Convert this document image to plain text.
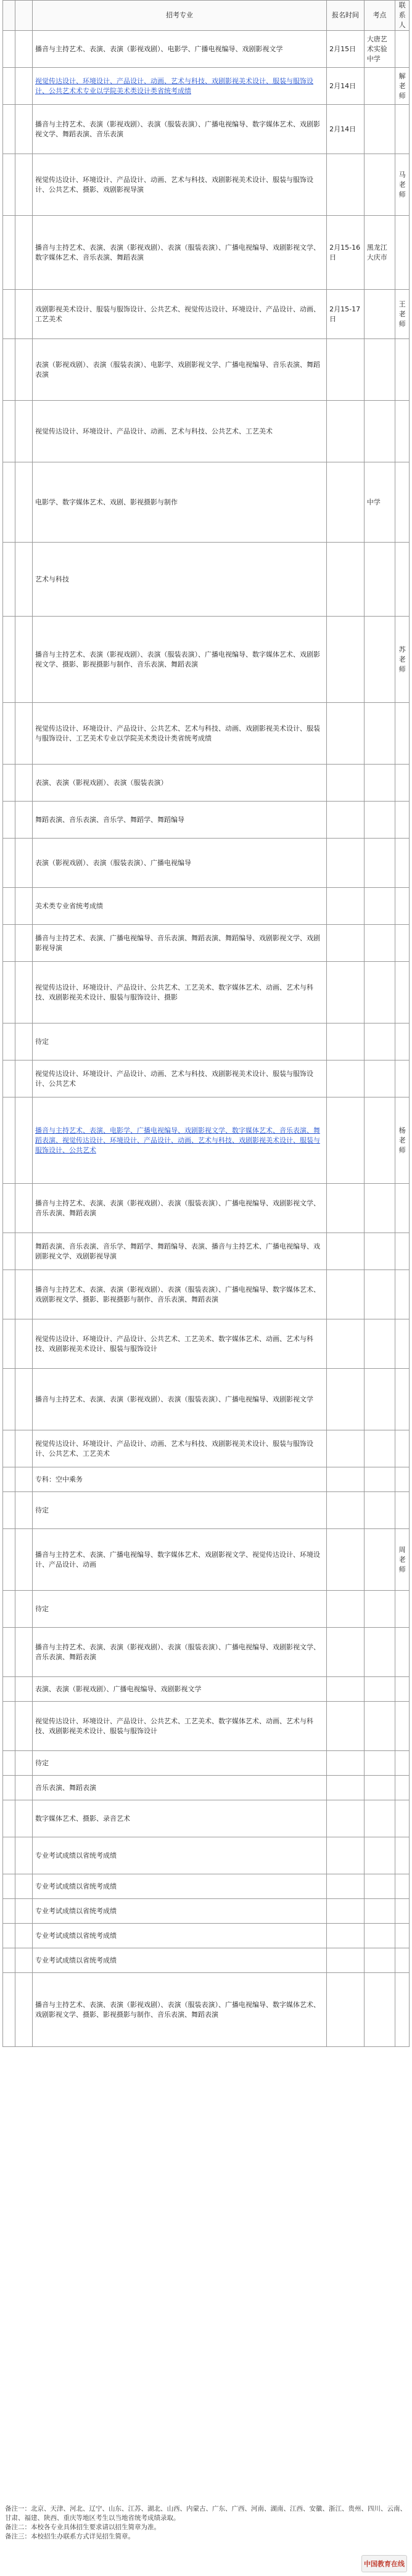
		招考专业	报名时间	考点	联系人
		播音与主持艺术、表演、表演（影视戏剧）、电影学、广播电视编导、戏剧影视文学	2月15日	大唐艺术实验中学	
		视觉传达设计、环境设计、产品设计、动画、艺术与科技、戏剧影视美术设计、服装与服饰设计、公共艺术术专业以学院美术类设计类省统考成绩	2月14日		解老师
		播音与主持艺术、表演（影视戏剧）、表演（服装表演）、广播电视编导、数字媒体艺术、戏剧影视文学、舞蹈表演、音乐表演	2月14日		
		视觉传达设计、环境设计、产品设计、动画、艺术与科技、戏剧影视美术设计、服装与服饰设计、公共艺术、摄影、戏剧影视导演			马老师
		播音与主持艺术、表演、表演（影视戏剧）、表演（服装表演）、广播电视编导、戏剧影视文学、数字媒体艺术、音乐表演、舞蹈表演	2月15-16日	黑龙江大庆市	
		戏剧影视美术设计、服装与服饰设计、公共艺术、视觉传达设计、环境设计、产品设计、动画、工艺美术	2月15-17日		王老师
		表演（影视戏剧）、表演（服装表演）、电影学、戏剧影视文学、广播电视编导、音乐表演、舞蹈表演			
		视觉传达设计、环境设计、产品设计、动画、艺术与科技、公共艺术、工艺美术			
		电影学、数字媒体艺术、戏剧、影视摄影与制作		中学	
		艺术与科技			
		播音与主持艺术、表演（影视戏剧）、表演（服装表演）、广播电视编导、数字媒体艺术、戏剧影视文学、摄影、影视摄影与制作、音乐表演、舞蹈表演			苏老师
		视觉传达设计、环境设计、产品设计、公共艺术、艺术与科技、动画、戏剧影视美术设计、服装与服饰设计、工艺美术专业以学院美术类设计类省统考成绩			
		表演、表演（影视戏剧）、表演（服装表演）			
		舞蹈表演、音乐表演、音乐学、舞蹈学、舞蹈编导			
		表演（影视戏剧）、表演（服装表演）、广播电视编导			
		美术类专业省统考成绩			
		播音与主持艺术、表演、广播电视编导、音乐表演、舞蹈表演、舞蹈编导、戏剧影视文学、戏剧影视导演			
		视觉传达设计、环境设计、产品设计、公共艺术、工艺美术、数字媒体艺术、动画、艺术与科技、戏剧影视美术设计、服装与服饰设计、摄影			
		待定			
		视觉传达设计、环境设计、产品设计、动画、艺术与科技、戏剧影视美术设计、服装与服饰设计、公共艺术			
		播音与主持艺术、表演、电影学、广播电视编导、戏剧影视文学、数字媒体艺术、音乐表演、舞蹈表演、视觉传达设计、环境设计、产品设计、动画、艺术与科技、戏剧影视美术设计、服装与服饰设计、公共艺术			杨老师
		播音与主持艺术、表演、表演（影视戏剧）、表演（服装表演）、广播电视编导、戏剧影视文学、音乐表演、舞蹈表演			
		舞蹈表演、音乐表演、音乐学、舞蹈学、舞蹈编导、表演、播音与主持艺术、广播电视编导、戏剧影视文学、戏剧影视导演			
		播音与主持艺术、表演、表演（影视戏剧）、表演（服装表演）、广播电视编导、数字媒体艺术、戏剧影视文学、摄影、影视摄影与制作、音乐表演、舞蹈表演			
		视觉传达设计、环境设计、产品设计、公共艺术、工艺美术、数字媒体艺术、动画、艺术与科技、戏剧影视美术设计、服装与服饰设计			
		播音与主持艺术、表演、表演（影视戏剧）、表演（服装表演）、广播电视编导、戏剧影视文学			
		视觉传达设计、环境设计、产品设计、动画、艺术与科技、戏剧影视美术设计、服装与服饰设计、公共艺术、工艺美术			
		专科：空中乘务			
		待定			
		播音与主持艺术、表演、广播电视编导、数字媒体艺术、戏剧影视文学、视觉传达设计、环境设计、产品设计、动画			周老师
		待定			
		播音与主持艺术、表演、表演（影视戏剧）、表演（服装表演）、广播电视编导、戏剧影视文学、音乐表演、舞蹈表演			
		表演、表演（影视戏剧）、广播电视编导、戏剧影视文学			
		视觉传达设计、环境设计、产品设计、公共艺术、工艺美术、数字媒体艺术、动画、艺术与科技、戏剧影视美术设计、服装与服饰设计			
		待定			
		音乐表演、舞蹈表演			
		数字媒体艺术、摄影、录音艺术			
		专业考试成绩以省统考成绩			
		专业考试成绩以省统考成绩			
		专业考试成绩以省统考成绩			
		专业考试成绩以省统考成绩			
		专业考试成绩以省统考成绩			
		播音与主持艺术、表演、表演（影视戏剧）、表演（服装表演）、广播电视编导、数字媒体艺术、戏剧影视文学、摄影、影视摄影与制作、音乐表演、舞蹈表演			
备注一：北京、天津、河北、辽宁、山东、江苏、湖北、山西、内蒙古、广东、广西、河南、湖南、江西、安徽、浙江、贵州、四川、云南、甘肃、福建、陕西、重庆等地区考生以当地省统考成绩录取。
备注二：本校各专业具体招生要求请以招生简章为准。
备注三：本校招生办联系方式详见招生简章。
中国教育在线
